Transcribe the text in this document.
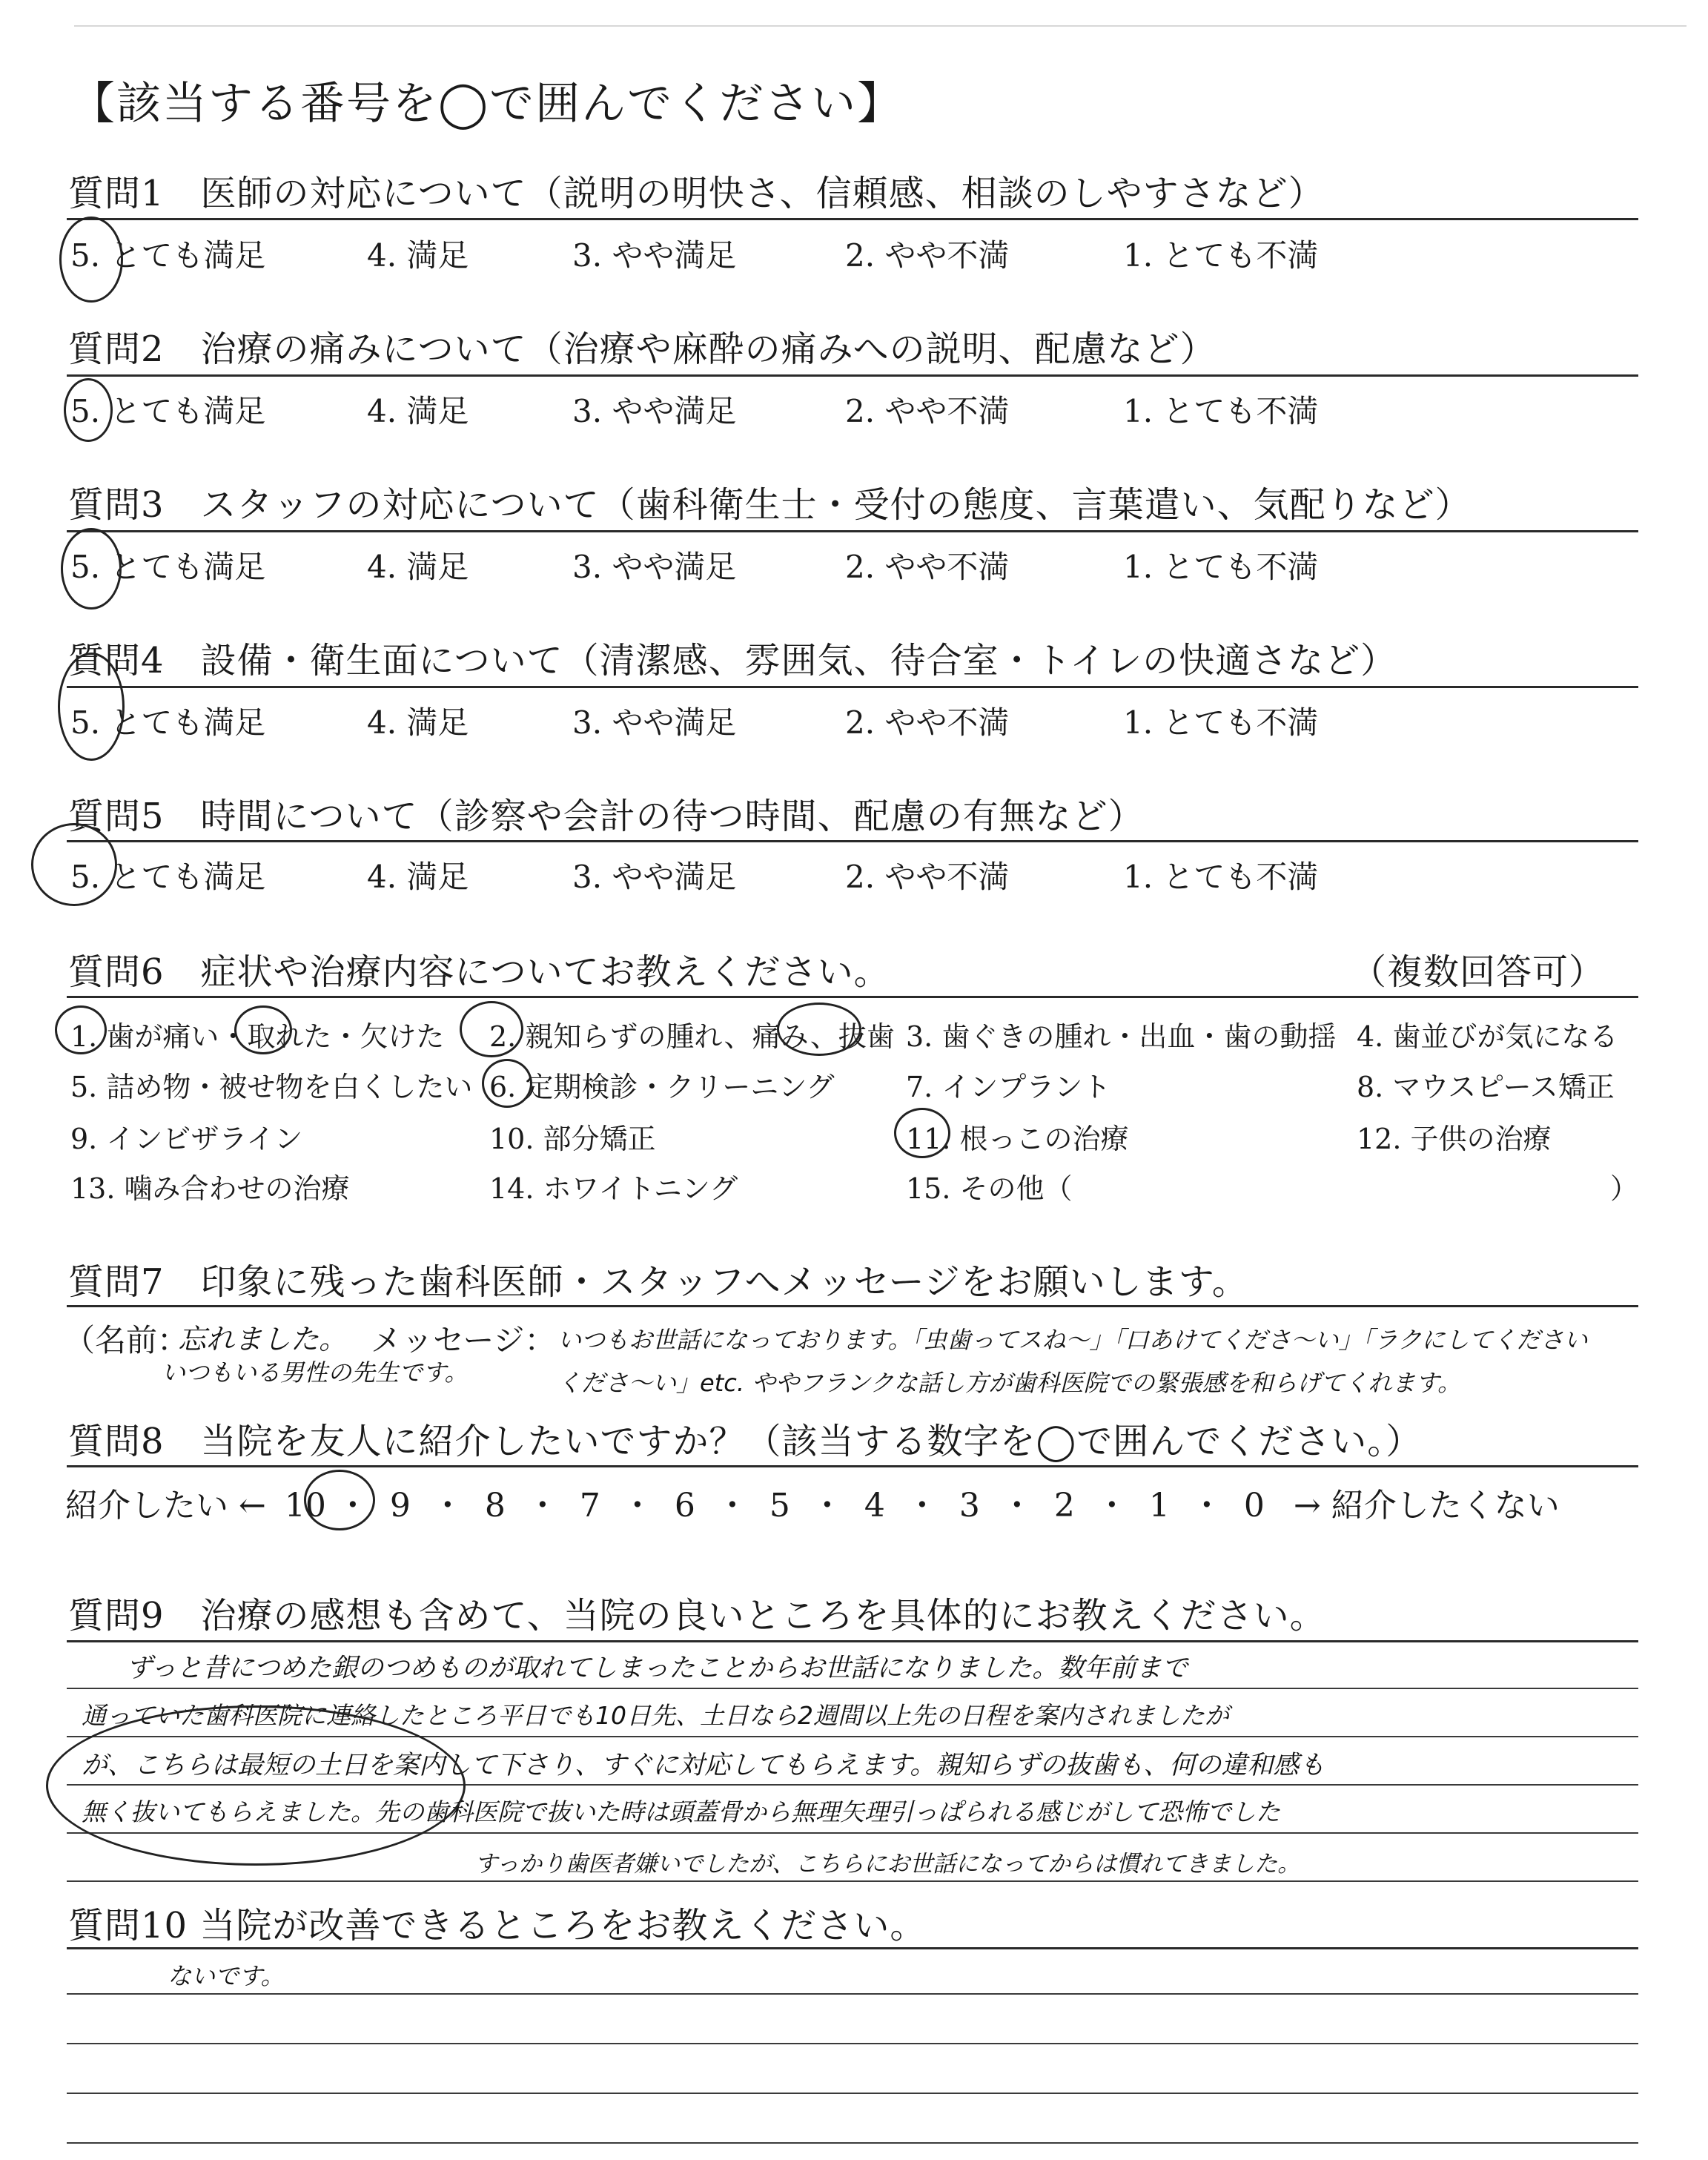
【該当する番号を◯で囲んでください】
質問1　医師の対応について（説明の明快さ、信頼感、相談のしやすさなど）
5. とても満足	4. 満足	3. やや満足	2. やや不満	1. とても不満
質問2　治療の痛みについて（治療や麻酔の痛みへの説明、配慮など）
5. とても満足	4. 満足	3. やや満足	2. やや不満	1. とても不満
質問3　スタッフの対応について（歯科衛生士・受付の態度、言葉遣い、気配りなど）
5. とても満足	4. 満足	3. やや満足	2. やや不満	1. とても不満
質問4　設備・衛生面について（清潔感、雰囲気、待合室・トイレの快適さなど）
5. とても満足	4. 満足	3. やや満足	2. やや不満	1. とても不満
質問5　時間について（診察や会計の待つ時間、配慮の有無など）
5. とても満足	4. 満足	3. やや満足	2. やや不満	1. とても不満
質問6　症状や治療内容についてお教えください。	（複数回答可）
1. 歯が痛い・取れた・欠けた 2. 親知らずの腫れ、痛み、抜歯 3. 歯ぐきの腫れ・出血・歯の動揺 4. 歯並びが気になる
5. 詰め物・被せ物を白くしたい 6. 定期検診・クリーニング	7. インプラント	8. マウスピース矯正
9. インビザライン	10. 部分矯正	11. 根っこの治療	12. 子供の治療
13. 噛み合わせの治療	14. ホワイトニング	15. その他（	）
質問7　印象に残った歯科医師・スタッフへメッセージをお願いします。
（名前：
忘れました。
いつもいる男性の先生です。
メッセージ： いつもお世話になっております。「虫歯ってスね〜」「口あけてくださ〜い」「ラクにしてください
くださ〜い」etc. ややフランクな話し方が歯科医院での緊張感を和らげてくれます。
質問8　当院を友人に紹介したいですか？（該当する数字を◯で囲んでください。）
紹介したい ← 10 ・ 9 ・ 8 ・ 7 ・ 6 ・ 5 ・ 4 ・ 3 ・ 2 ・ 1 ・ 0 → 紹介したくない
質問9　治療の感想も含めて、当院の良いところを具体的にお教えください。
ずっと昔につめた銀のつめものが取れてしまったことからお世話になりました。数年前まで
通っていた歯科医院に連絡したところ平日でも10日先、土日なら2週間以上先の日程を案内されましたが
が、こちらは最短の土日を案内して下さり、すぐに対応してもらえます。親知らずの抜歯も、何の違和感も
無く抜いてもらえました。先の歯科医院で抜いた時は頭蓋骨から無理矢理引っぱられる感じがして恐怖でした
すっかり歯医者嫌いでしたが、こちらにお世話になってからは慣れてきました。
質問10 当院が改善できるところをお教えください。
ないです。
